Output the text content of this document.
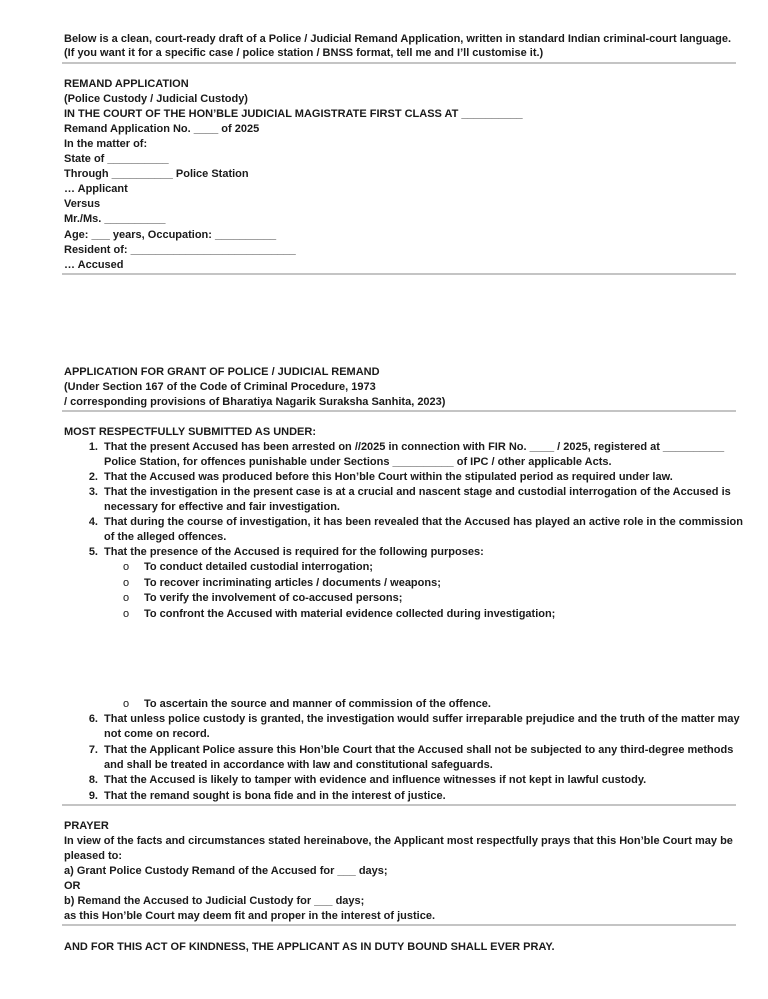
Below is a clean, court-ready draft of a Police / Judicial Remand Application, written in standard Indian criminal-court language.
(If you want it for a specific case / police station / BNSS format, tell me and I’ll customise it.)
REMAND APPLICATION
(Police Custody / Judicial Custody)
IN THE COURT OF THE HON’BLE JUDICIAL MAGISTRATE FIRST CLASS AT __________
Remand Application No. ____ of 2025
In the matter of:
State of __________
Through __________ Police Station
… Applicant
Versus
Mr./Ms. __________
Age: ___ years, Occupation: __________
Resident of: ___________________________
… Accused
APPLICATION FOR GRANT OF POLICE / JUDICIAL REMAND
(Under Section 167 of the Code of Criminal Procedure, 1973
/ corresponding provisions of Bharatiya Nagarik Suraksha Sanhita, 2023)
MOST RESPECTFULLY SUBMITTED AS UNDER:
1. That the present Accused has been arrested on //2025 in connection with FIR No. ____ / 2025, registered at __________
Police Station, for offences punishable under Sections __________ of IPC / other applicable Acts.
2. That the Accused was produced before this Hon’ble Court within the stipulated period as required under law.
3. That the investigation in the present case is at a crucial and nascent stage and custodial interrogation of the Accused is
necessary for effective and fair investigation.
4. That during the course of investigation, it has been revealed that the Accused has played an active role in the commission
of the alleged offences.
5. That the presence of the Accused is required for the following purposes:
o To conduct detailed custodial interrogation;
o To recover incriminating articles / documents / weapons;
o To verify the involvement of co-accused persons;
o To confront the Accused with material evidence collected during investigation;
o To ascertain the source and manner of commission of the offence.
6. That unless police custody is granted, the investigation would suffer irreparable prejudice and the truth of the matter may
not come on record.
7. That the Applicant Police assure this Hon’ble Court that the Accused shall not be subjected to any third-degree methods
and shall be treated in accordance with law and constitutional safeguards.
8. That the Accused is likely to tamper with evidence and influence witnesses if not kept in lawful custody.
9. That the remand sought is bona fide and in the interest of justice.
PRAYER
In view of the facts and circumstances stated hereinabove, the Applicant most respectfully prays that this Hon’ble Court may be
pleased to:
a) Grant Police Custody Remand of the Accused for ___ days;
OR
b) Remand the Accused to Judicial Custody for ___ days;
as this Hon’ble Court may deem fit and proper in the interest of justice.
AND FOR THIS ACT OF KINDNESS, THE APPLICANT AS IN DUTY BOUND SHALL EVER PRAY.
